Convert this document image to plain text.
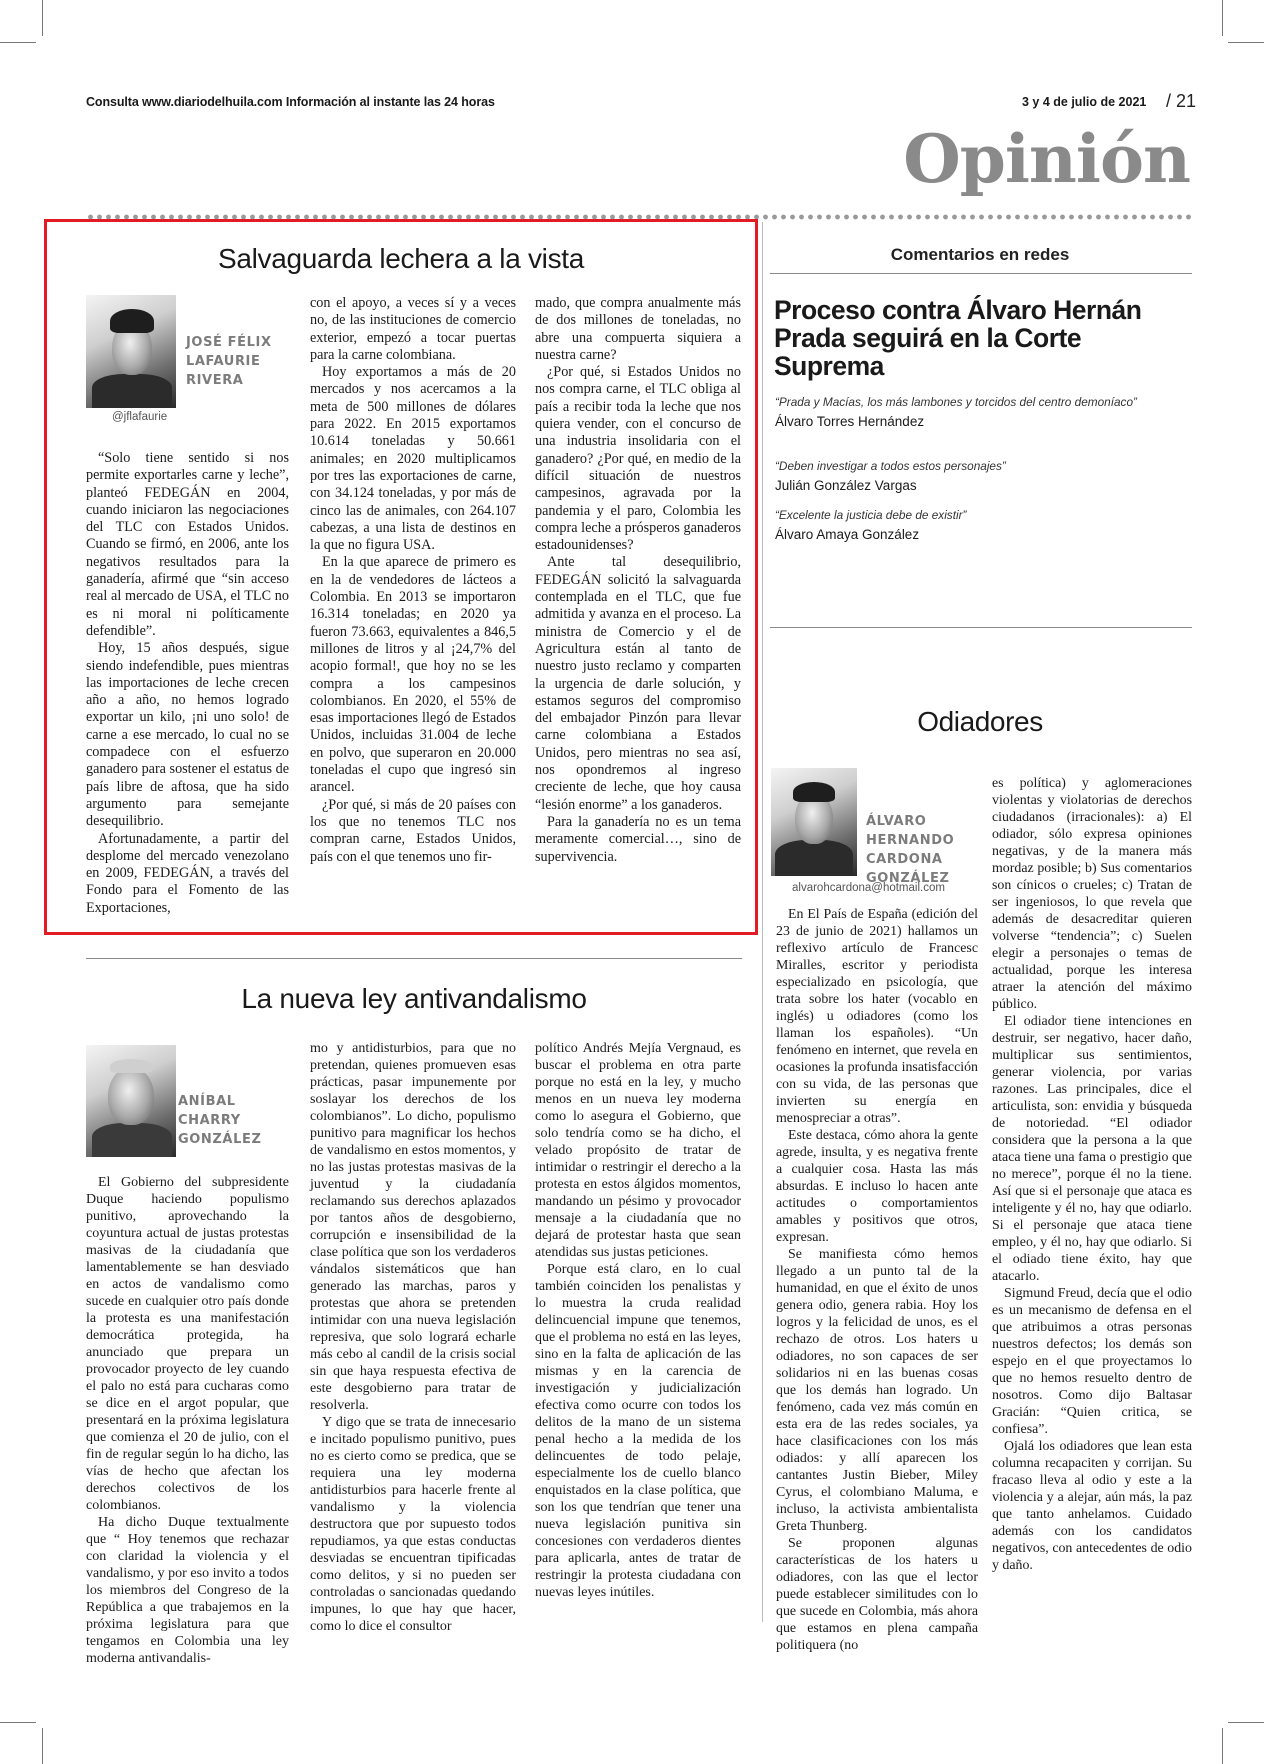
Consulta www.diariodelhuila.com Información al instante las 24 horas	3 y 4 de julio de 2021 / 21
Opinión
Salvaguarda lechera a la vista
JOSÉ FÉLIX
LAFAURIE
RIVERA
@jflafaurie

“Solo tiene sentido si nos permite exportarles carne y leche”, planteó FEDEGÁN en 2004, cuando iniciaron las negociaciones del TLC con Estados Unidos. Cuando se firmó, en 2006, ante los negativos resultados para la ganadería, afirmé que “sin acceso real al mercado de USA, el TLC no es ni moral ni políticamente defendible”.

Hoy, 15 años después, sigue siendo indefendible, pues mientras las importaciones de leche crecen año a año, no hemos logrado exportar un kilo, ¡ni uno solo! de carne a ese mercado, lo cual no se compadece con el esfuerzo ganadero para sostener el estatus de país libre de aftosa, que ha sido argumento para semejante desequilibrio.

Afortunadamente, a partir del desplome del mercado venezolano en 2009, FEDEGÁN, a través del Fondo para el Fomento de las Exportaciones,

con el apoyo, a veces sí y a veces no, de las instituciones de comercio exterior, empezó a tocar puertas para la carne colombiana.

Hoy exportamos a más de 20 mercados y nos acercamos a la meta de 500 millones de dólares para 2022. En 2015 exportamos 10.614 toneladas y 50.661 animales; en 2020 multiplicamos por tres las exportaciones de carne, con 34.124 toneladas, y por más de cinco las de animales, con 264.107 cabezas, a una lista de destinos en la que no figura USA.

En la que aparece de primero es en la de vendedores de lácteos a Colombia. En 2013 se importaron 16.314 toneladas; en 2020 ya fueron 73.663, equivalentes a 846,5 millones de litros y al ¡24,7% del acopio formal!, que hoy no se les compra a los campesinos colombianos. En 2020, el 55% de esas importaciones llegó de Estados Unidos, incluidas 31.004 de leche en polvo, que superaron en 20.000 toneladas el cupo que ingresó sin arancel.

¿Por qué, si más de 20 países con los que no tenemos TLC nos compran carne, Estados Unidos, país con el que tenemos uno fir-

mado, que compra anualmente más de dos millones de toneladas, no abre una compuerta siquiera a nuestra carne?

¿Por qué, si Estados Unidos no nos compra carne, el TLC obliga al país a recibir toda la leche que nos quiera vender, con el concurso de una industria insolidaria con el ganadero? ¿Por qué, en medio de la difícil situación de nuestros campesinos, agravada por la pandemia y el paro, Colombia les compra leche a prósperos ganaderos estadounidenses?

Ante tal desequilibrio, FEDEGÁN solicitó la salvaguarda contemplada en el TLC, que fue admitida y avanza en el proceso. La ministra de Comercio y el de Agricultura están al tanto de nuestro justo reclamo y comparten la urgencia de darle solución, y estamos seguros del compromiso del embajador Pinzón para llevar carne colombiana a Estados Unidos, pero mientras no sea así, nos opondremos al ingreso creciente de leche, que hoy causa “lesión enorme” a los ganaderos.

Para la ganadería no es un tema meramente comercial…, sino de supervivencia.

Comentarios en redes
Proceso contra Álvaro Hernán Prada seguirá en la Corte Suprema
“Prada y Macías, los más lambones y torcidos del centro demoníaco”
Álvaro Torres Hernández
“Deben investigar a todos estos personajes”
Julián González Vargas
“Excelente la justicia debe de existir”
Álvaro Amaya González
Odiadores
ÁLVARO
HERNANDO
CARDONA
GONZÁLEZ
alvarohcardona@hotmail.com

En El País de España (edición del 23 de junio de 2021) hallamos un reflexivo artículo de Francesc Miralles, escritor y periodista especializado en psicología, que trata sobre los hater (vocablo en inglés) u odiadores (como los llaman los españoles). “Un fenómeno en internet, que revela en ocasiones la profunda insatisfacción con su vida, de las personas que invierten su energía en menospreciar a otras”.

Este destaca, cómo ahora la gente agrede, insulta, y es negativa frente a cualquier cosa. Hasta las más absurdas. E incluso lo hacen ante actitudes o comportamientos amables y positivos que otros, expresan.

Se manifiesta cómo hemos llegado a un punto tal de la humanidad, en que el éxito de unos genera odio, genera rabia. Hoy los logros y la felicidad de unos, es el rechazo de otros. Los haters u odiadores, no son capaces de ser solidarios ni en las buenas cosas que los demás han logrado. Un fenómeno, cada vez más común en esta era de las redes sociales, ya hace clasificaciones con los más odiados: y allí aparecen los cantantes Justin Bieber, Miley Cyrus, el colombiano Maluma, e incluso, la activista ambientalista Greta Thunberg.

Se proponen algunas características de los haters u odiadores, con las que el lector puede establecer similitudes con lo que sucede en Colombia, más ahora que estamos en plena campaña politiquera (no

es política) y aglomeraciones violentas y violatorias de derechos ciudadanos (irracionales): a) El odiador, sólo expresa opiniones negativas, y de la manera más mordaz posible; b) Sus comentarios son cínicos o crueles; c) Tratan de ser ingeniosos, lo que revela que además de desacreditar quieren volverse “tendencia”; c) Suelen elegir a personajes o temas de actualidad, porque les interesa atraer la atención del máximo público.

El odiador tiene intenciones en destruir, ser negativo, hacer daño, multiplicar sus sentimientos, generar violencia, por varias razones. Las principales, dice el articulista, son: envidia y búsqueda de notoriedad. “El odiador considera que la persona a la que ataca tiene una fama o prestigio que no merece”, porque él no la tiene. Así que si el personaje que ataca es inteligente y él no, hay que odiarlo. Si el personaje que ataca tiene empleo, y él no, hay que odiarlo. Si el odiado tiene éxito, hay que atacarlo.

Sigmund Freud, decía que el odio es un mecanismo de defensa en el que atribuimos a otras personas nuestros defectos; los demás son espejo en el que proyectamos lo que no hemos resuelto dentro de nosotros. Como dijo Baltasar Gracián: “Quien critica, se confiesa”.

Ojalá los odiadores que lean esta columna recapaciten y corrijan. Su fracaso lleva al odio y este a la violencia y a alejar, aún más, la paz que tanto anhelamos. Cuidado además con los candidatos negativos, con antecedentes de odio y daño.

La nueva ley antivandalismo
ANÍBAL
CHARRY
GONZÁLEZ

El Gobierno del subpresidente Duque haciendo populismo punitivo, aprovechando la coyuntura actual de justas protestas masivas de la ciudadanía que lamentablemente se han desviado en actos de vandalismo como sucede en cualquier otro país donde la protesta es una manifestación democrática protegida, ha anunciado que prepara un provocador proyecto de ley cuando el palo no está para cucharas como se dice en el argot popular, que presentará en la próxima legislatura que comienza el 20 de julio, con el fin de regular según lo ha dicho, las vías de hecho que afectan los derechos colectivos de los colombianos.

Ha dicho Duque textualmente que “ Hoy tenemos que rechazar con claridad la violencia y el vandalismo, y por eso invito a todos los miembros del Congreso de la República a que trabajemos en la próxima legislatura para que tengamos en Colombia una ley moderna antivandalis-

mo y antidisturbios, para que no pretendan, quienes promueven esas prácticas, pasar impunemente por soslayar los derechos de los colombianos”. Lo dicho, populismo punitivo para magnificar los hechos de vandalismo en estos momentos, y no las justas protestas masivas de la juventud y la ciudadanía reclamando sus derechos aplazados por tantos años de desgobierno, corrupción e insensibilidad de la clase política que son los verdaderos vándalos sistemáticos que han generado las marchas, paros y protestas que ahora se pretenden intimidar con una nueva legislación represiva, que solo logrará echarle más cebo al candil de la crisis social sin que haya respuesta efectiva de este desgobierno para tratar de resolverla.

Y digo que se trata de innecesario e incitado populismo punitivo, pues no es cierto como se predica, que se requiera una ley moderna antidisturbios para hacerle frente al vandalismo y la violencia destructora que por supuesto todos repudiamos, ya que estas conductas desviadas se encuentran tipificadas como delitos, y si no pueden ser controladas o sancionadas quedando impunes, lo que hay que hacer, como lo dice el consultor

político Andrés Mejía Vergnaud, es buscar el problema en otra parte porque no está en la ley, y mucho menos en un nueva ley moderna como lo asegura el Gobierno, que solo tendría como se ha dicho, el velado propósito de tratar de intimidar o restringir el derecho a la protesta en estos álgidos momentos, mandando un pésimo y provocador mensaje a la ciudadanía que no dejará de protestar hasta que sean atendidas sus justas peticiones.

Porque está claro, en lo cual también coinciden los penalistas y lo muestra la cruda realidad delincuencial impune que tenemos, que el problema no está en las leyes, sino en la falta de aplicación de las mismas y en la carencia de investigación y judicialización efectiva como ocurre con todos los delitos de la mano de un sistema penal hecho a la medida de los delincuentes de todo pelaje, especialmente los de cuello blanco enquistados en la clase política, que son los que tendrían que tener una nueva legislación punitiva sin concesiones con verdaderos dientes para aplicarla, antes de tratar de restringir la protesta ciudadana con nuevas leyes inútiles.
